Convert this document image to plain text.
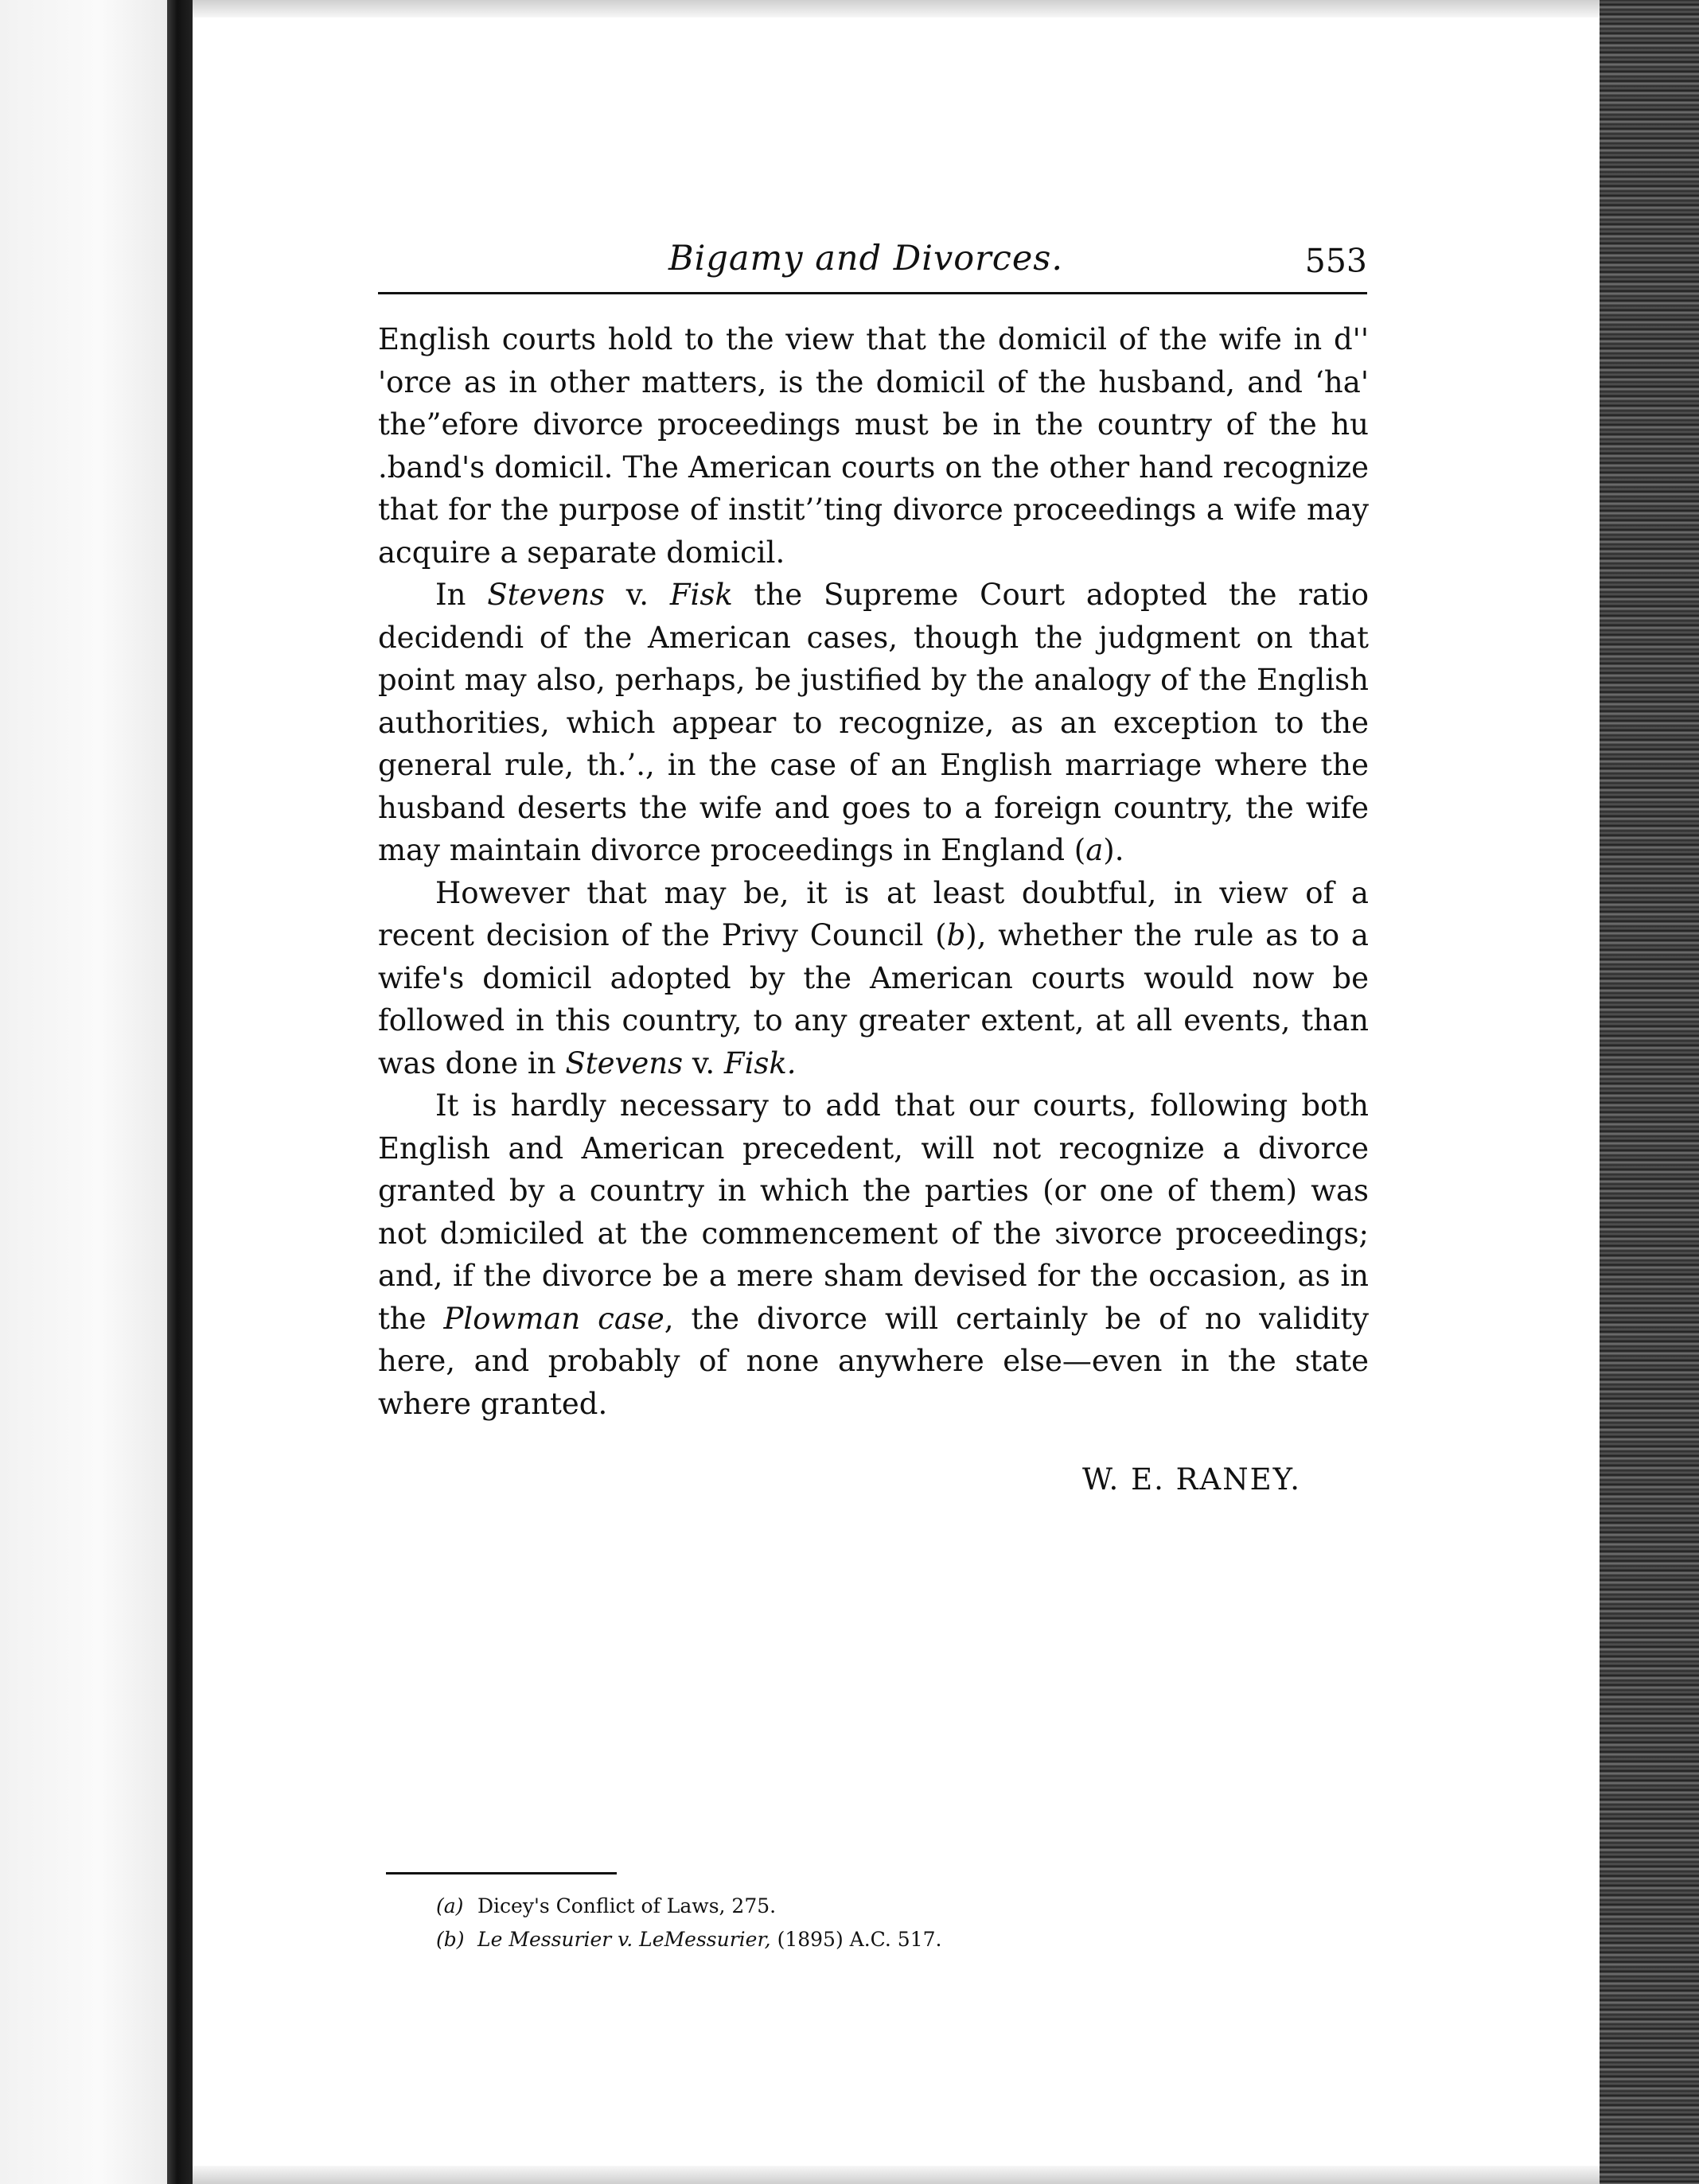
Bigamy and Divorces.	553

English courts hold to the view that the domicil of the wife in d'' 'orce as in other matters, is the domicil of the husband, and ‘ha' the”efore divorce proceedings must be in the country of the hu .band's domicil. The American courts on the other hand recognize that for the purpose of instit’’ting divorce proceedings a wife may acquire a separate domicil.

In Stevens v. Fisk the Supreme Court adopted the ratio decidendi of the American cases, though the judgment on that point may also, perhaps, be justified by the analogy of the English authorities, which appear to recognize, as an exception to the general rule, th.’., in the case of an English marriage where the husband deserts the wife and goes to a foreign country, the wife may maintain divorce proceedings in England (a).

However that may be, it is at least doubtful, in view of a recent decision of the Privy Council (b), whether the rule as to a wife's domicil adopted by the American courts would now be followed in this country, to any greater extent, at all events, than was done in Stevens v. Fisk.

It is hardly necessary to add that our courts, following both English and American precedent, will not recognize a divorce granted by a country in which the parties (or one of them) was not dɔmiciled at the commencement of the зivorce proceedings; and, if the divorce be a mere sham devised for the occasion, as in the Plowman case, the divorce will certainly be of no validity here, and probably of none anywhere else—even in the state where granted.

W. E. RANEY.
(a) Dicey's Conflict of Laws, 275.
(b) Le Messurier v. LeMessurier, (1895) A.C. 517.
